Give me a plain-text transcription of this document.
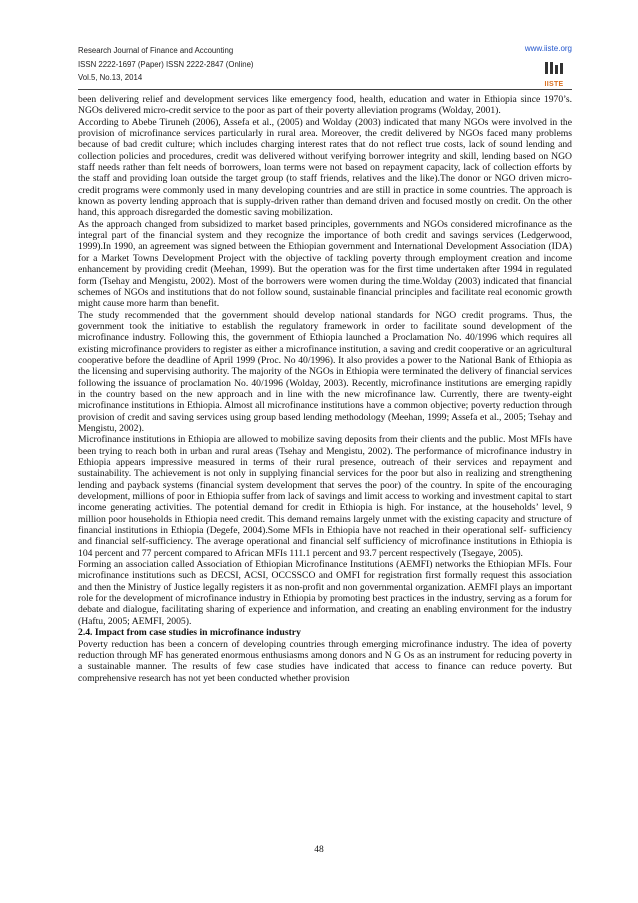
Research Journal of Finance and Accounting
ISSN 2222-1697 (Paper) ISSN 2222-2847 (Online)
Vol.5, No.13, 2014
www.iiste.org
IISTE

been delivering relief and development services like emergency food, health, education and water in Ethiopia since 1970’s. NGOs delivered micro-credit service to the poor as part of their poverty alleviation programs (Wolday, 2001).

According to Abebe Tiruneh (2006), Assefa et al., (2005) and Wolday (2003) indicated that many NGOs were involved in the provision of microfinance services particularly in rural area. Moreover, the credit delivered by NGOs faced many problems because of bad credit culture; which includes charging interest rates that do not reflect true costs, lack of sound lending and collection policies and procedures, credit was delivered without verifying borrower integrity and skill, lending based on NGO staff needs rather than felt needs of borrowers, loan terms were not based on repayment capacity, lack of collection efforts by the staff and providing loan outside the target group (to staff friends, relatives and the like).The donor or NGO driven micro-credit programs were commonly used in many developing countries and are still in practice in some countries. The approach is known as poverty lending approach that is supply-driven rather than demand driven and focused mostly on credit. On the other hand, this approach disregarded the domestic saving mobilization.

As the approach changed from subsidized to market based principles, governments and NGOs considered microfinance as the integral part of the financial system and they recognize the importance of both credit and savings services (Ledgerwood, 1999).In 1990, an agreement was signed between the Ethiopian government and International Development Association (IDA) for a Market Towns Development Project with the objective of tackling poverty through employment creation and income enhancement by providing credit (Meehan, 1999). But the operation was for the first time undertaken after 1994 in regulated form (Tsehay and Mengistu, 2002). Most of the borrowers were women during the time.Wolday (2003) indicated that financial schemes of NGOs and institutions that do not follow sound, sustainable financial principles and facilitate real economic growth might cause more harm than benefit.

The study recommended that the government should develop national standards for NGO credit programs. Thus, the government took the initiative to establish the regulatory framework in order to facilitate sound development of the microfinance industry. Following this, the government of Ethiopia launched a Proclamation No. 40/1996 which requires all existing microfinance providers to register as either a microfinance institution, a saving and credit cooperative or an agricultural cooperative before the deadline of April 1999 (Proc. No 40/1996). It also provides a power to the National Bank of Ethiopia as the licensing and supervising authority. The majority of the NGOs in Ethiopia were terminated the delivery of financial services following the issuance of proclamation No. 40/1996 (Wolday, 2003). Recently, microfinance institutions are emerging rapidly in the country based on the new approach and in line with the new microfinance law. Currently, there are twenty-eight microfinance institutions in Ethiopia. Almost all microfinance institutions have a common objective; poverty reduction through provision of credit and saving services using group based lending methodology (Meehan, 1999; Assefa et al., 2005; Tsehay and Mengistu, 2002).

Microfinance institutions in Ethiopia are allowed to mobilize saving deposits from their clients and the public. Most MFIs have been trying to reach both in urban and rural areas (Tsehay and Mengistu, 2002). The performance of microfinance industry in Ethiopia appears impressive measured in terms of their rural presence, outreach of their services and repayment and sustainability. The achievement is not only in supplying financial services for the poor but also in realizing and strengthening lending and payback systems (financial system development that serves the poor) of the country. In spite of the encouraging development, millions of poor in Ethiopia suffer from lack of savings and limit access to working and investment capital to start income generating activities. The potential demand for credit in Ethiopia is high. For instance, at the households’ level, 9 million poor households in Ethiopia need credit. This demand remains largely unmet with the existing capacity and structure of financial institutions in Ethiopia (Degefe, 2004).Some MFIs in Ethiopia have not reached in their operational self- sufficiency and financial self-sufficiency. The average operational and financial self sufficiency of microfinance institutions in Ethiopia is 104 percent and 77 percent compared to African MFIs 111.1 percent and 93.7 percent respectively (Tsegaye, 2005).

Forming an association called Association of Ethiopian Microfinance Institutions (AEMFI) networks the Ethiopian MFIs. Four microfinance institutions such as DECSI, ACSI, OCCSSCO and OMFI for registration first formally request this association and then the Ministry of Justice legally registers it as non-profit and non governmental organization. AEMFI plays an important role for the development of microfinance industry in Ethiopia by promoting best practices in the industry, serving as a forum for debate and dialogue, facilitating sharing of experience and information, and creating an enabling environment for the industry (Haftu, 2005; AEMFI, 2005).

2.4. Impact from case studies in microfinance industry

Poverty reduction has been a concern of developing countries through emerging microfinance industry. The idea of poverty reduction through MF has generated enormous enthusiasms among donors and N G Os as an instrument for reducing poverty in a sustainable manner. The results of few case studies have indicated that access to finance can reduce poverty. But comprehensive research has not yet been conducted whether provision

48
